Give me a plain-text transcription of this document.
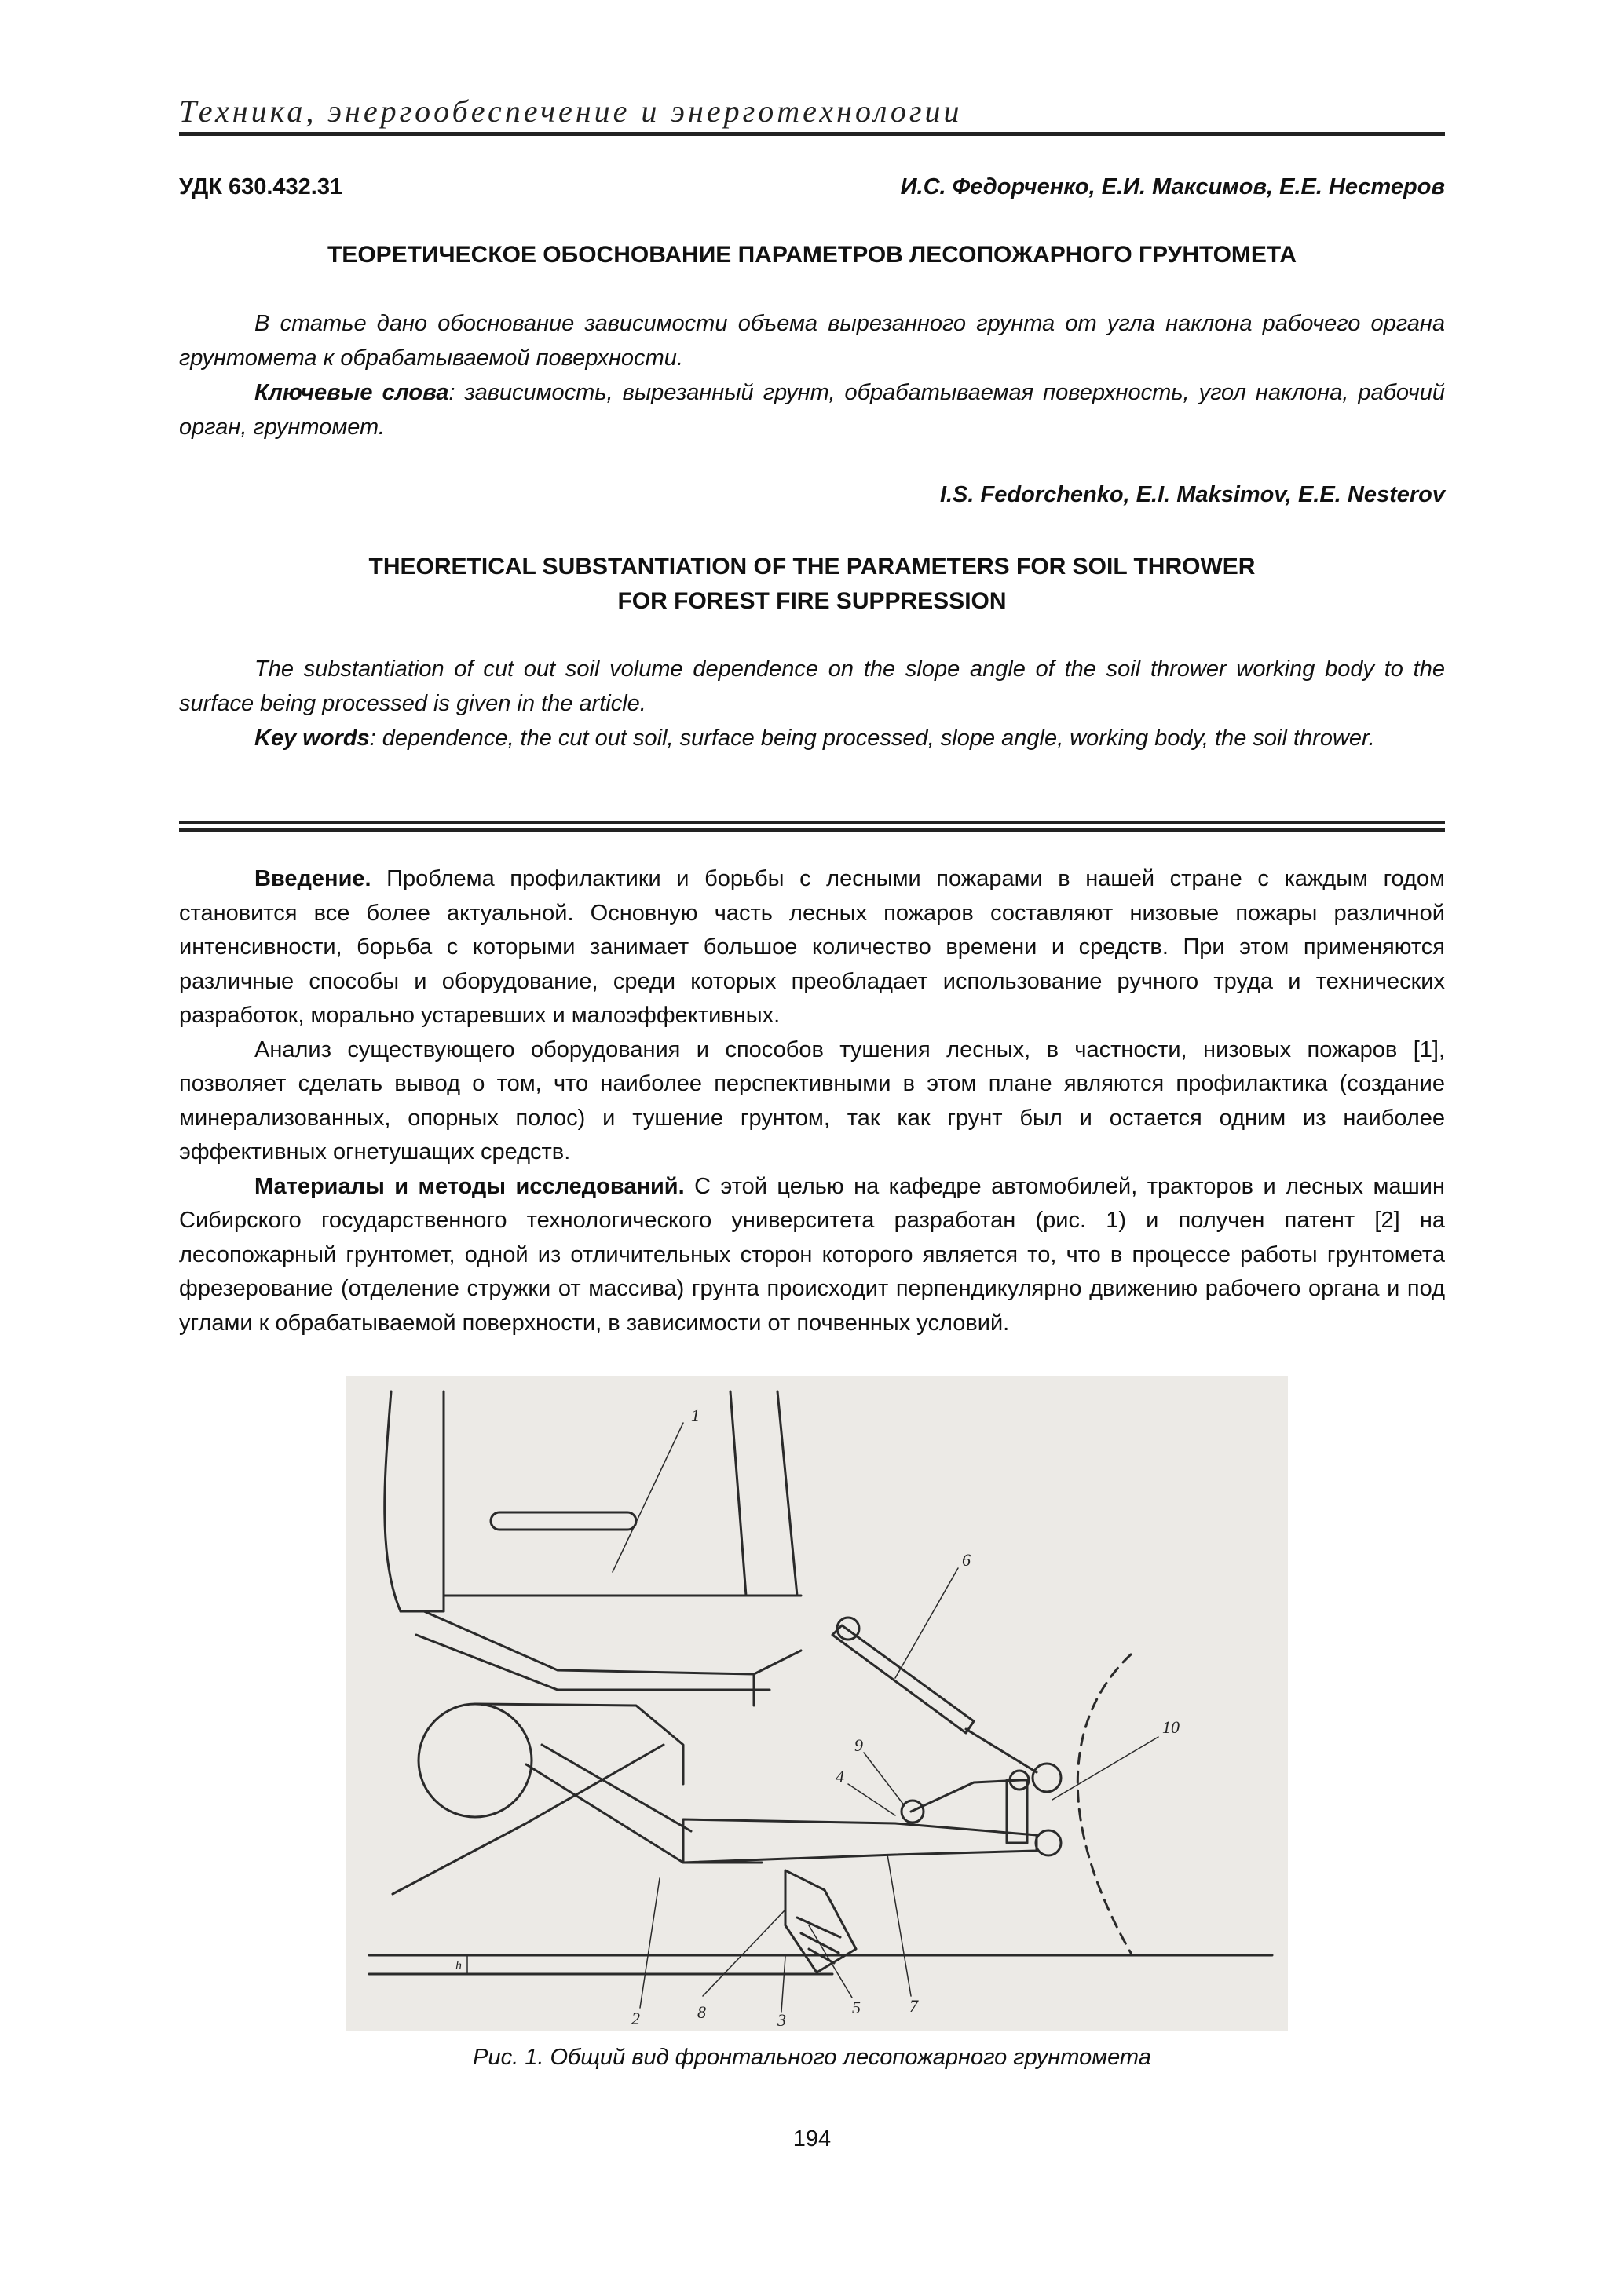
Техника, энергообеспечение и энерготехнологии
УДК 630.432.31	И.С. Федорченко, Е.И. Максимов, Е.Е. Нестеров
ТЕОРЕТИЧЕСКОЕ ОБОСНОВАНИЕ ПАРАМЕТРОВ ЛЕСОПОЖАРНОГО ГРУНТОМЕТА

В статье дано обоснование зависимости объема вырезанного грунта от угла наклона рабочего органа грунтомета к обрабатываемой поверхности.

Ключевые слова: зависимость, вырезанный грунт, обрабатываемая поверхность, угол наклона, рабочий орган, грунтомет.

I.S. Fedorchenko, E.I. Maksimov, E.E. Nesterov
THEORETICAL SUBSTANTIATION OF THE PARAMETERS FOR SOIL THROWER
FOR FOREST FIRE SUPPRESSION

The substantiation of cut out soil volume dependence on the slope angle of the soil thrower working body to the surface being processed is given in the article.

Key words: dependence, the cut out soil, surface being processed, slope angle, working body, the soil thrower.

Введение. Проблема профилактики и борьбы с лесными пожарами в нашей стране с каждым годом становится все более актуальной. Основную часть лесных пожаров составляют низовые пожары различной интенсивности, борьба с которыми занимает большое количество времени и средств. При этом применяются различные способы и оборудование, среди которых преобладает использование ручного труда и технических разработок, морально устаревших и малоэффективных.

Анализ существующего оборудования и способов тушения лесных, в частности, низовых пожаров [1], позволяет сделать вывод о том, что наиболее перспективными в этом плане являются профилактика (создание минерализованных, опорных полос) и тушение грунтом, так как грунт был и остается одним из наиболее эффективных огнетушащих средств.

Материалы и методы исследований. С этой целью на кафедре автомобилей, тракторов и лесных машин Сибирского государственного технологического университета разработан (рис. 1) и получен патент [2] на лесопожарный грунтомет, одной из отличительных сторон которого является то, что в процессе работы грунтомета фрезерование (отделение стружки от массива) грунта происходит перпендикулярно движению рабочего органа и под углами к обрабатываемой поверхности, в зависимости от почвенных условий.

1
6
9
4
10
2	8	3
5	7
h
Рис. 1. Общий вид фронтального лесопожарного грунтомета
194
